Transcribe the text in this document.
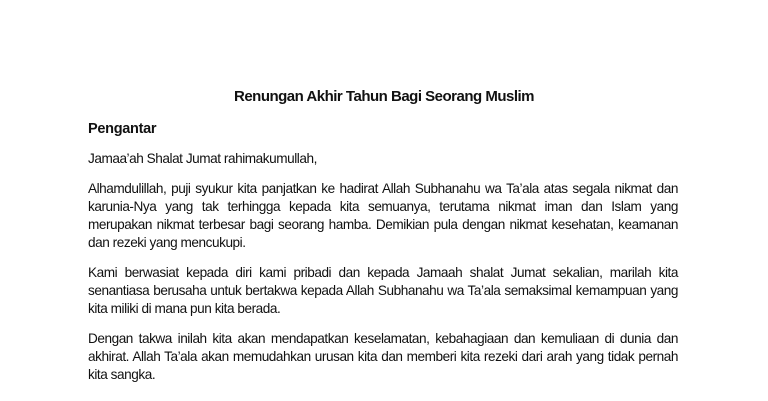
Renungan Akhir Tahun Bagi Seorang Muslim
Pengantar

Jamaa’ah Shalat Jumat rahimakumullah,

Alhamdulillah, puji syukur kita panjatkan ke hadirat Allah Subhanahu wa Ta’ala atas segala nikmat dan karunia-Nya yang tak terhingga kepada kita semuanya, terutama nikmat iman dan Islam yang merupakan nikmat terbesar bagi seorang hamba. Demikian pula dengan nikmat kesehatan, keamanan dan rezeki yang mencukupi.

Kami berwasiat kepada diri kami pribadi dan kepada Jamaah shalat Jumat sekalian, marilah kita senantiasa berusaha untuk bertakwa kepada Allah Subhanahu wa Ta’ala semaksimal kemampuan yang kita miliki di mana pun kita berada.

Dengan takwa inilah kita akan mendapatkan keselamatan, kebahagiaan dan kemuliaan di dunia dan akhirat. Allah Ta’ala akan memudahkan urusan kita dan memberi kita rezeki dari arah yang tidak pernah kita sangka.
